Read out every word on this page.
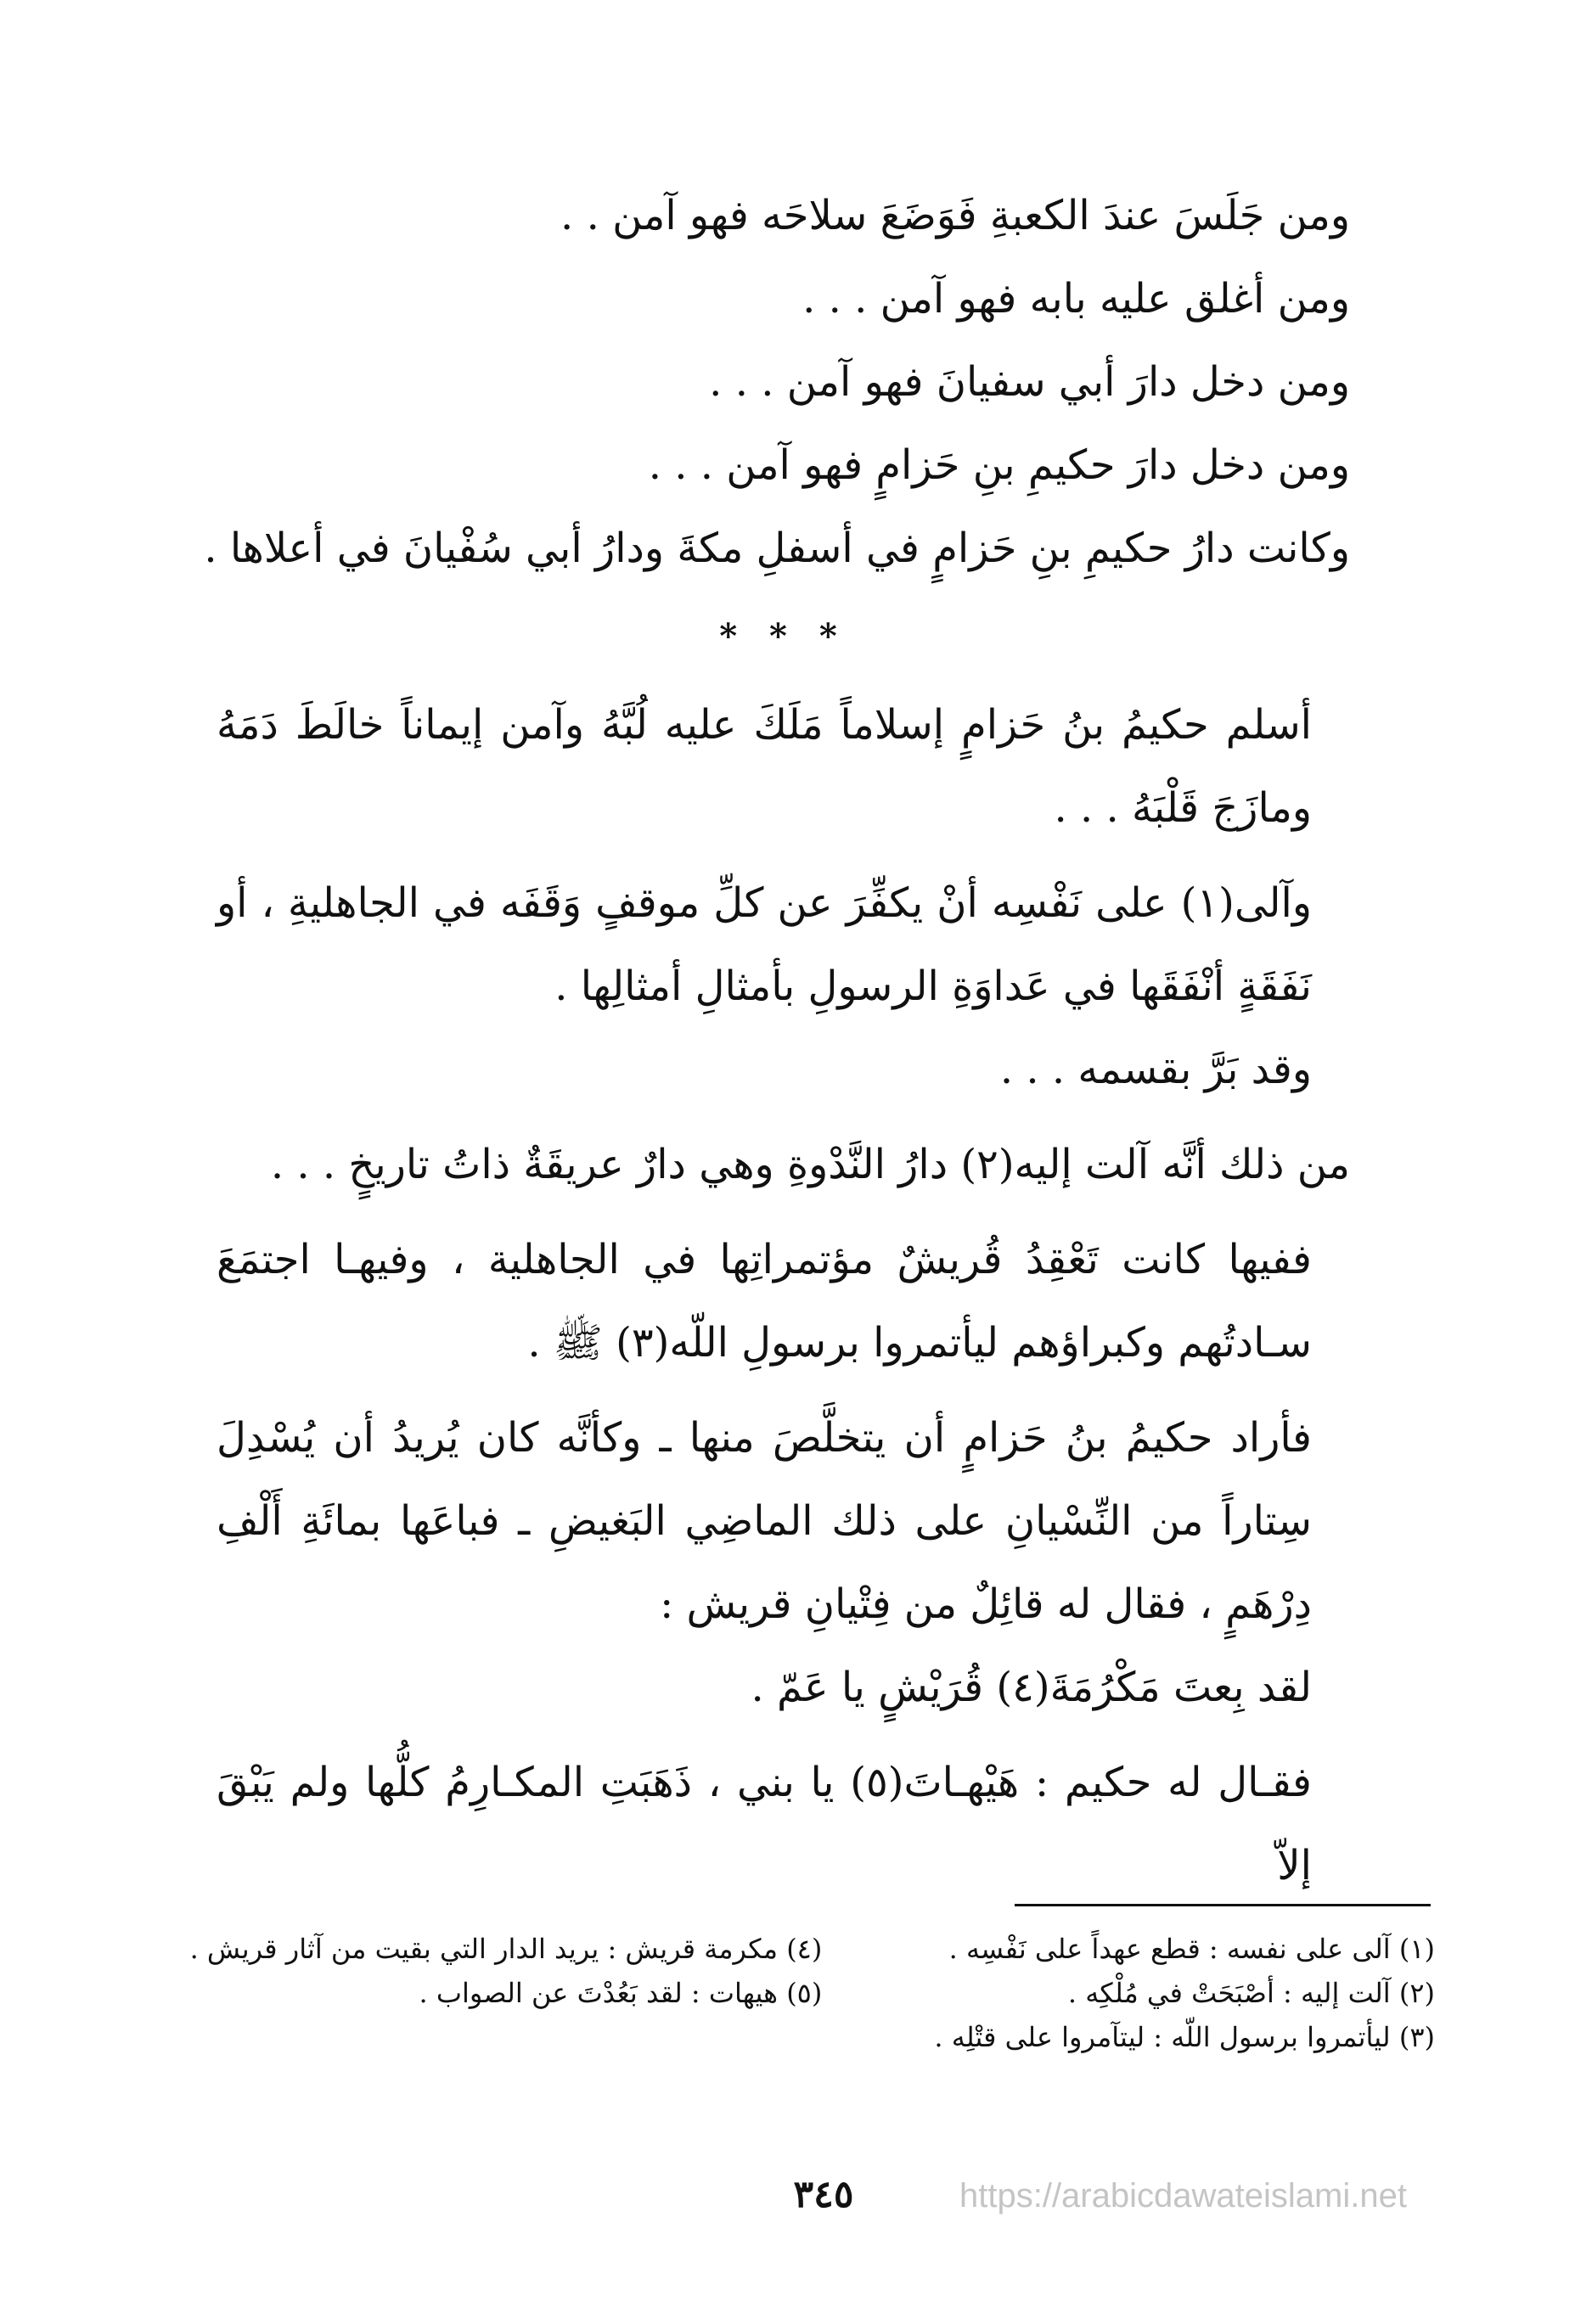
ومن جَلَسَ عندَ الكعبةِ فَوَضَعَ سلاحَه فهو آمن . .
ومن أغلق عليه بابه فهو آمن . . .
ومن دخل دارَ أبي سفيانَ فهو آمن . . .
ومن دخل دارَ حكيمِ بنِ حَزامٍ فهو آمن . . .
وكانت دارُ حكيمِ بنِ حَزامٍ في أسفلِ مكةَ ودارُ أبي سُفْيانَ في أعلاها .

* * *

أسلم حكيمُ بنُ حَزامٍ إسلاماً مَلَكَ عليه لُبَّهُ وآمن إيماناً خالَطَ دَمَهُ ومازَجَ قَلْبَهُ . . .

وآلى(١) على نَفْسِه أنْ يكفِّرَ عن كلِّ موقفٍ وَقَفَه في الجاهليةِ ، أو نَفَقَةٍ أنْفَقَها في عَداوَةِ الرسولِ بأمثالِ أمثالِها .

وقد بَرَّ بقسمه . . .

من ذلك أنَّه آلت إليه(٢) دارُ النَّدْوةِ وهي دارٌ عريقَةٌ ذاتُ تاريخٍ . . .

ففيها كانت تَعْقِدُ قُريشٌ مؤتمراتِها في الجاهلية ، وفيهـا اجتمَعَ سـادتُهم وكبراؤهم ليأتمروا برسولِ اللّه(٣) ﷺ .

فأراد حكيمُ بنُ حَزامٍ أن يتخلَّصَ منها ـ وكأنَّه كان يُريدُ أن يُسْدِلَ سِتاراً من النِّسْيانِ على ذلك الماضِي البَغيضِ ـ فباعَها بمائَةِ أَلْفِ دِرْهَمٍ ، فقال له قائِلٌ من فِتْيانِ قريش :

لقد بِعتَ مَكْرُمَةَ(٤) قُرَيْشٍ يا عَمّ .

فقـال له حكيم : هَيْهـاتَ(٥) يا بني ، ذَهَبَتِ المكـارِمُ كلُّها ولم يَبْقَ إلاّ

(١) آلى على نفسه : قطع عهداً على نَفْسِه .
(٢) آلت إليه : أصْبَحَتْ في مُلْكِه .
(٣) ليأتمروا برسول اللّه : ليتآمروا على قتْلِه .
(٤) مكرمة قريش : يريد الدار التي بقيت من آثار قريش .
(٥) هيهات : لقد بَعُدْتَ عن الصواب .
٣٤٥	https://arabicdawateislami.net
